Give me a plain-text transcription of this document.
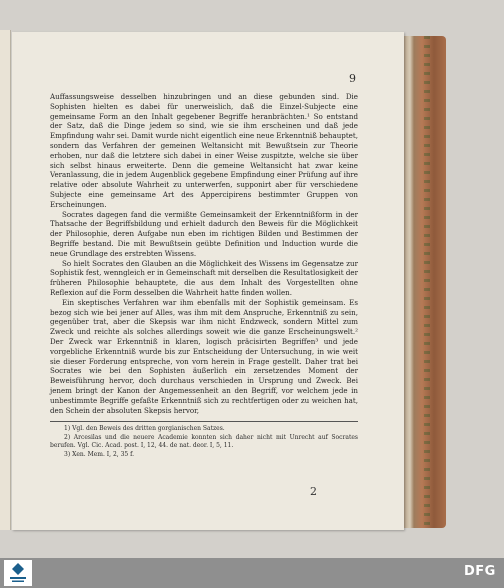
9

Auffassungsweise desselben hinzubringen und an diese gebunden sind. Die Sophisten hielten es dabei für unerweislich, daß die Einzel-Subjecte eine gemeinsame Form an den Inhalt gegebener Begriffe heranbrächten.¹ So entstand der Satz, daß die Dinge jedem so sind, wie sie ihm erscheinen und daß jede Empfindung wahr sei. Damit wurde nicht eigentlich eine neue Erkenntniß behauptet, sondern das Verfahren der gemeinen Weltansicht mit Bewußtsein zur Theorie erhoben, nur daß die letztere sich dabei in einer Weise zuspitzte, welche sie über sich selbst hinaus erweiterte. Denn die gemeine Weltansicht hat zwar keine Veranlassung, die in jedem Augenblick gegebene Empfindung einer Prüfung auf ihre relative oder absolute Wahrheit zu unterwerfen, supponirt aber für verschiedene Subjecte eine gemeinsame Art des Appercipirens bestimmter Gruppen von Erscheinungen.

Socrates dagegen fand die vermißte Gemeinsamkeit der Erkenntnißform in der Thatsache der Begriffsbildung und erhielt dadurch den Beweis für die Möglichkeit der Philosophie, deren Aufgabe nun eben im richtigen Bilden und Bestimmen der Begriffe bestand. Die mit Bewußtsein geübte Definition und Induction wurde die neue Grundlage des erstrebten Wissens.

So hielt Socrates den Glauben an die Möglichkeit des Wissens im Gegensatze zur Sophistik fest, wenngleich er in Gemeinschaft mit derselben die Resultatlosigkeit der früheren Philosophie behauptete, die aus dem Inhalt des Vorgestellten ohne Reflexion auf die Form desselben die Wahrheit hatte finden wollen.

Ein skeptisches Verfahren war ihm ebenfalls mit der Sophistik gemeinsam. Es bezog sich wie bei jener auf Alles, was ihm mit dem Anspruche, Erkenntniß zu sein, gegenüber trat, aber die Skepsis war ihm nicht Endzweck, sondern Mittel zum Zweck und reichte als solches allerdings soweit wie die ganze Erscheinungswelt.² Der Zweck war Erkenntniß in klaren, logisch präcisirten Begriffen³ und jede vorgebliche Erkenntniß wurde bis zur Entscheidung der Untersuchung, in wie weit sie dieser Forderung entspreche, von vorn herein in Frage gestellt. Daher trat bei Socrates wie bei den Sophisten äußerlich ein zersetzendes Moment der Beweisführung hervor, doch durchaus verschieden in Ursprung und Zweck. Bei jenem bringt der Kanon der Angemessenheit an den Begriff, vor welchem jede in unbestimmte Begriffe gefaßte Erkenntniß sich zu rechtfertigen oder zu weichen hat, den Schein der absoluten Skepsis hervor,

1) Vgl. den Beweis des dritten gorgianischen Satzes.
2) Arcesilas und die neuere Academie konnten sich daher nicht mit Unrecht auf Socrates berufen. Vgl. Cic. Acad. post. I, 12, 44. de nat. deor. I, 5, 11.
3) Xen. Mem. I, 2, 35 f.
2
DFG
